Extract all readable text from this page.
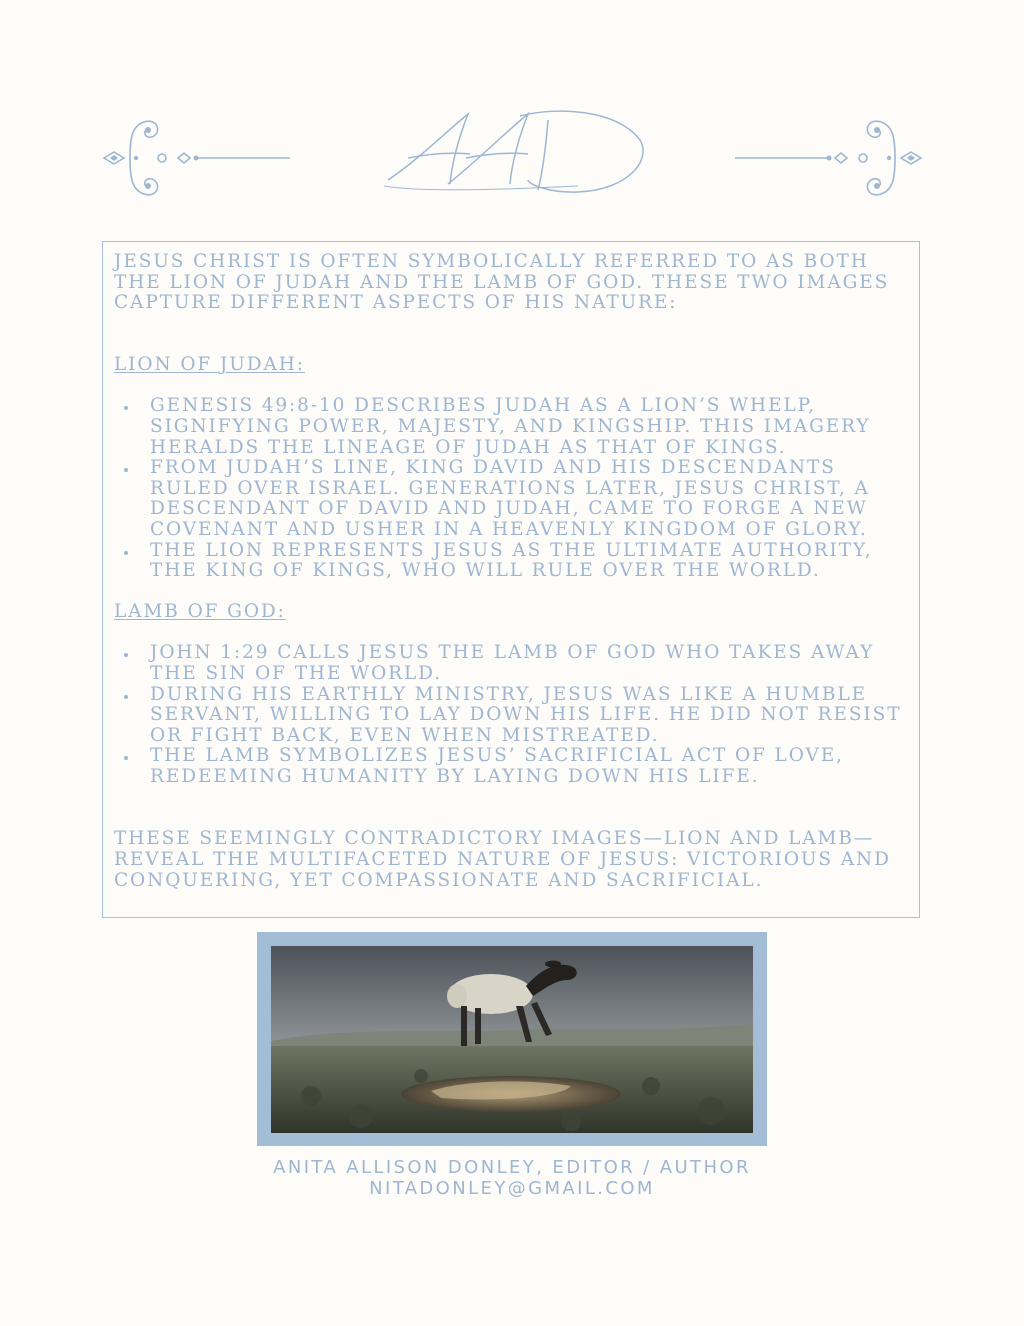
JESUS CHRIST IS OFTEN SYMBOLICALLY REFERRED TO AS BOTH THE LION OF JUDAH AND THE LAMB OF GOD. THESE TWO IMAGES CAPTURE DIFFERENT ASPECTS OF HIS NATURE:

LION OF JUDAH:

• GENESIS 49:8-10 DESCRIBES JUDAH AS A LION’S WHELP, SIGNIFYING POWER, MAJESTY, AND KINGSHIP. THIS IMAGERY HERALDS THE LINEAGE OF JUDAH AS THAT OF KINGS.
• FROM JUDAH’S LINE, KING DAVID AND HIS DESCENDANTS RULED OVER ISRAEL. GENERATIONS LATER, JESUS CHRIST, A DESCENDANT OF DAVID AND JUDAH, CAME TO FORGE A NEW COVENANT AND USHER IN A HEAVENLY KINGDOM OF GLORY.
• THE LION REPRESENTS JESUS AS THE ULTIMATE AUTHORITY, THE KING OF KINGS, WHO WILL RULE OVER THE WORLD.

LAMB OF GOD:

• JOHN 1:29 CALLS JESUS THE LAMB OF GOD WHO TAKES AWAY THE SIN OF THE WORLD.
• DURING HIS EARTHLY MINISTRY, JESUS WAS LIKE A HUMBLE SERVANT, WILLING TO LAY DOWN HIS LIFE. HE DID NOT RESIST OR FIGHT BACK, EVEN WHEN MISTREATED.
• THE LAMB SYMBOLIZES JESUS’ SACRIFICIAL ACT OF LOVE, REDEEMING HUMANITY BY LAYING DOWN HIS LIFE.

THESE SEEMINGLY CONTRADICTORY IMAGES—LION AND LAMB—REVEAL THE MULTIFACETED NATURE OF JESUS: VICTORIOUS AND CONQUERING, YET COMPASSIONATE AND SACRIFICIAL.

ANITA ALLISON DONLEY, EDITOR / AUTHOR
NITADONLEY@GMAIL.COM
